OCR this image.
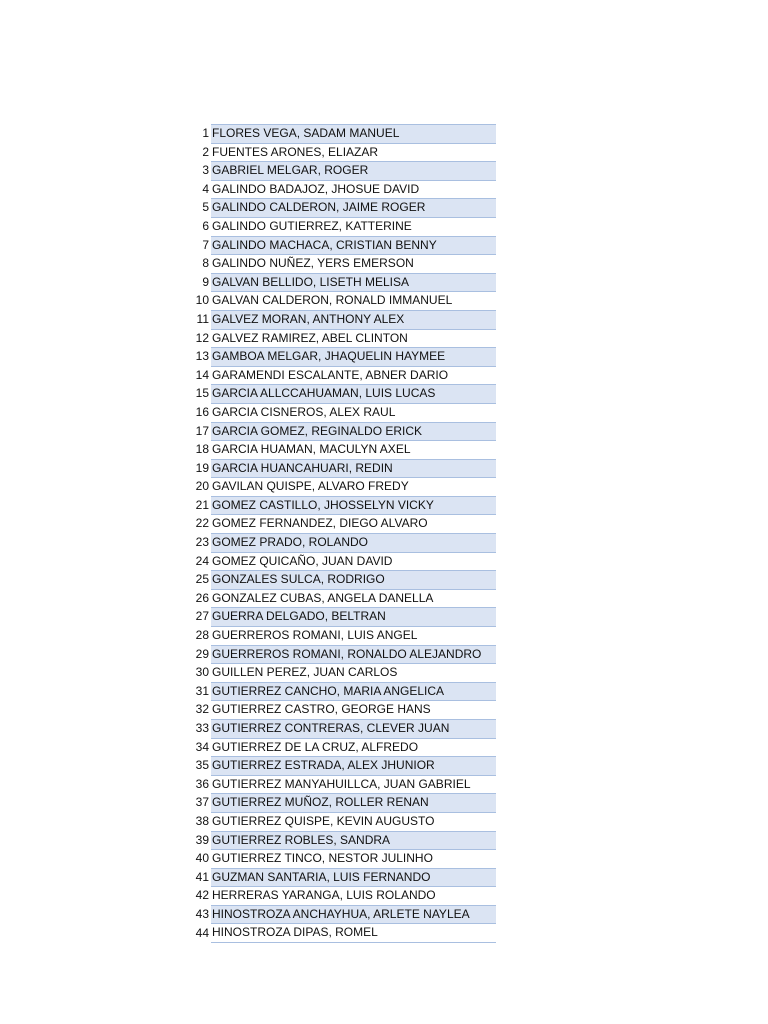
1 FLORES VEGA, SADAM MANUEL
2 FUENTES ARONES, ELIAZAR
3 GABRIEL MELGAR, ROGER
4 GALINDO BADAJOZ, JHOSUE DAVID
5 GALINDO CALDERON, JAIME ROGER
6 GALINDO GUTIERREZ, KATTERINE
7 GALINDO MACHACA, CRISTIAN BENNY
8 GALINDO NUÑEZ, YERS EMERSON
9 GALVAN BELLIDO, LISETH MELISA
10 GALVAN CALDERON, RONALD IMMANUEL
11 GALVEZ MORAN, ANTHONY ALEX
12 GALVEZ RAMIREZ, ABEL CLINTON
13 GAMBOA MELGAR, JHAQUELIN HAYMEE
14 GARAMENDI ESCALANTE, ABNER DARIO
15 GARCIA ALLCCAHUAMAN, LUIS LUCAS
16 GARCIA CISNEROS, ALEX RAUL
17 GARCIA GOMEZ, REGINALDO ERICK
18 GARCIA HUAMAN, MACULYN AXEL
19 GARCIA HUANCAHUARI, REDIN
20 GAVILAN QUISPE, ALVARO FREDY
21 GOMEZ CASTILLO, JHOSSELYN VICKY
22 GOMEZ FERNANDEZ, DIEGO ALVARO
23 GOMEZ PRADO, ROLANDO
24 GOMEZ QUICAÑO, JUAN DAVID
25 GONZALES SULCA, RODRIGO
26 GONZALEZ CUBAS, ANGELA DANELLA
27 GUERRA DELGADO, BELTRAN
28 GUERREROS ROMANI, LUIS ANGEL
29 GUERREROS ROMANI, RONALDO ALEJANDRO
30 GUILLEN PEREZ, JUAN CARLOS
31 GUTIERREZ CANCHO, MARIA ANGELICA
32 GUTIERREZ CASTRO, GEORGE HANS
33 GUTIERREZ CONTRERAS, CLEVER JUAN
34 GUTIERREZ DE LA CRUZ, ALFREDO
35 GUTIERREZ ESTRADA, ALEX JHUNIOR
36 GUTIERREZ MANYAHUILLCA, JUAN GABRIEL
37 GUTIERREZ MUÑOZ, ROLLER RENAN
38 GUTIERREZ QUISPE, KEVIN AUGUSTO
39 GUTIERREZ ROBLES, SANDRA
40 GUTIERREZ TINCO, NESTOR JULINHO
41 GUZMAN SANTARIA, LUIS FERNANDO
42 HERRERAS YARANGA, LUIS ROLANDO
43 HINOSTROZA ANCHAYHUA, ARLETE NAYLEA
44 HINOSTROZA DIPAS, ROMEL
